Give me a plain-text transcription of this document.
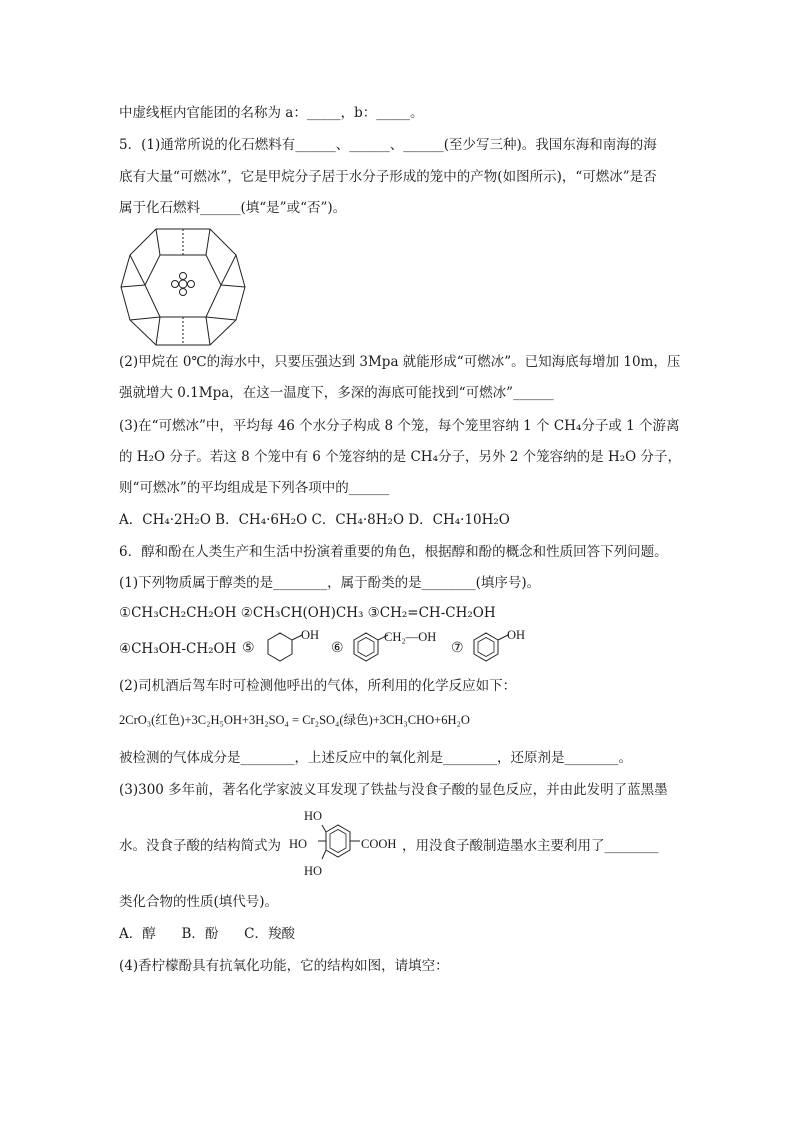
中虚线框内官能团的名称为 a：_____，b：_____。
5．(1)通常所说的化石燃料有______、______、______(至少写三种)。我国东海和南海的海
底有大量“可燃冰”，它是甲烷分子居于水分子形成的笼中的产物(如图所示)，“可燃冰”是否
属于化石燃料______(填“是”或“否”)。
(2)甲烷在 0℃的海水中，只要压强达到 3Mpa 就能形成“可燃冰”。已知海底每增加 10m，压
强就增大 0.1Mpa，在这一温度下，多深的海底可能找到“可燃冰”______
(3)在“可燃冰”中，平均每 46 个水分子构成 8 个笼，每个笼里容纳 1 个 CH₄分子或 1 个游离
的 H₂O 分子。若这 8 个笼中有 6 个笼容纳的是 CH₄分子，另外 2 个笼容纳的是 H₂O 分子，
则“可燃冰”的平均组成是下列各项中的______
A．CH₄·2H₂O B．CH₄·6H₂O C．CH₄·8H₂O D．CH₄·10H₂O
6．醇和酚在人类生产和生活中扮演着重要的角色，根据醇和酚的概念和性质回答下列问题。
(1)下列物质属于醇类的是________，属于酚类的是________(填序号)。
①CH₃CH₂CH₂OH ②CH₃CH(OH)CH₃ ③CH₂=CH-CH₂OH
④CH₃OH-CH₂OH ⑤
OH
⑥
CH₂—OH
⑦
OH
(2)司机酒后驾车时可检测他呼出的气体，所利用的化学反应如下：
2CrO₃(红色)+3C₂H₅OH+3H₂SO₄ = Cr₂SO₄(绿色)+3CH₃CHO+6H₂O
被检测的气体成分是________，上述反应中的氧化剂是________，还原剂是________。
(3)300 多年前，著名化学家波义耳发现了铁盐与没食子酸的显色反应，并由此发明了蓝黑墨
HO
HO
HO
COOH
水。没食子酸的结构简式为	，用没食子酸制造墨水主要利用了________
类化合物的性质(填代号)。
A．醇      B．酚      C．羧酸
(4)香柠檬酚具有抗氧化功能，它的结构如图，请填空：
